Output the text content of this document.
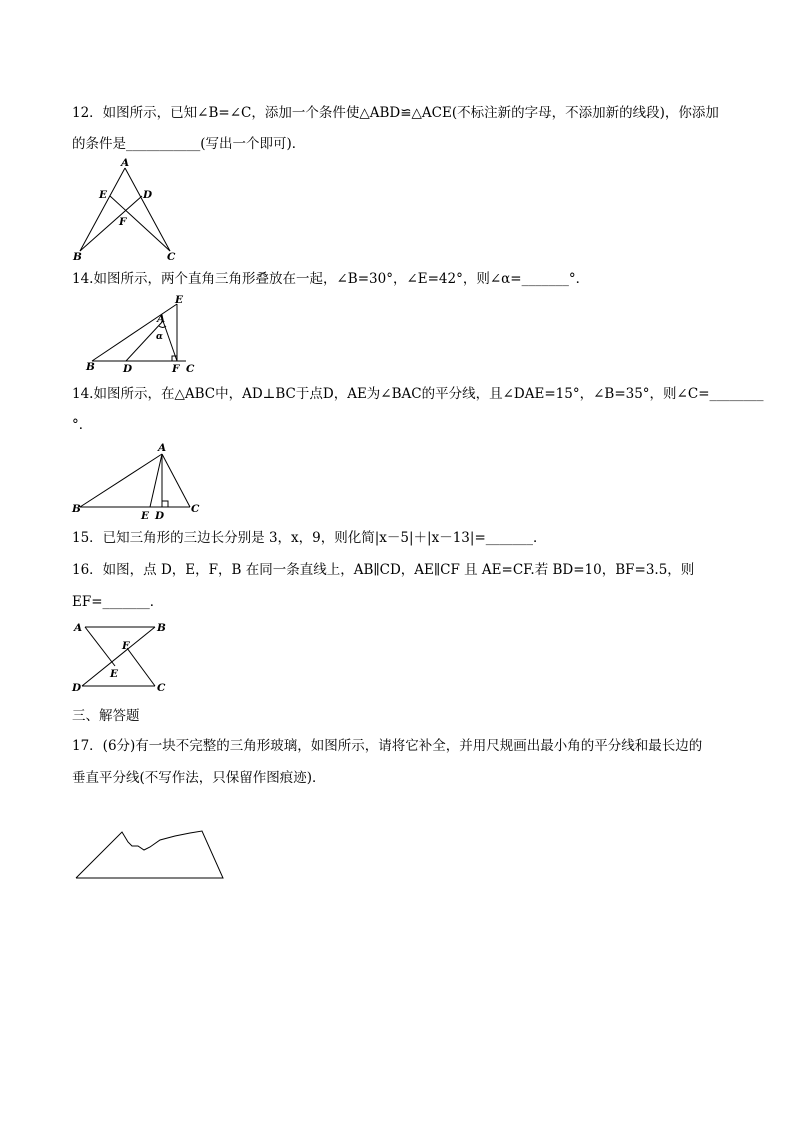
12．如图所示，已知∠B=∠C，添加一个条件使△ABD≌△ACE(不标注新的字母，不添加新的线段)，你添加
的条件是___________(写出一个即可)．
A
E	D
F
B	C
14.如图所示，两个直角三角形叠放在一起，∠B=30°，∠E=42°，则∠α=_______°．
E
A
α
B	D	F C
14.如图所示，在△ABC中，AD⊥BC于点D，AE为∠BAC的平分线，且∠DAE=15°，∠B=35°，则∠C=________
°．
A
B
E D
C
15．已知三角形的三边长分别是 3，x，9，则化简|x－5|＋|x－13|=_______．
16．如图，点 D，E，F，B 在同一条直线上，AB∥CD，AE∥CF 且 AE=CF.若 BD=10，BF=3.5，则
EF=_______．
A	B
F
E
D	C
三、解答题
17．(6分)有一块不完整的三角形玻璃，如图所示，请将它补全，并用尺规画出最小角的平分线和最长边的
垂直平分线(不写作法，只保留作图痕迹)．
